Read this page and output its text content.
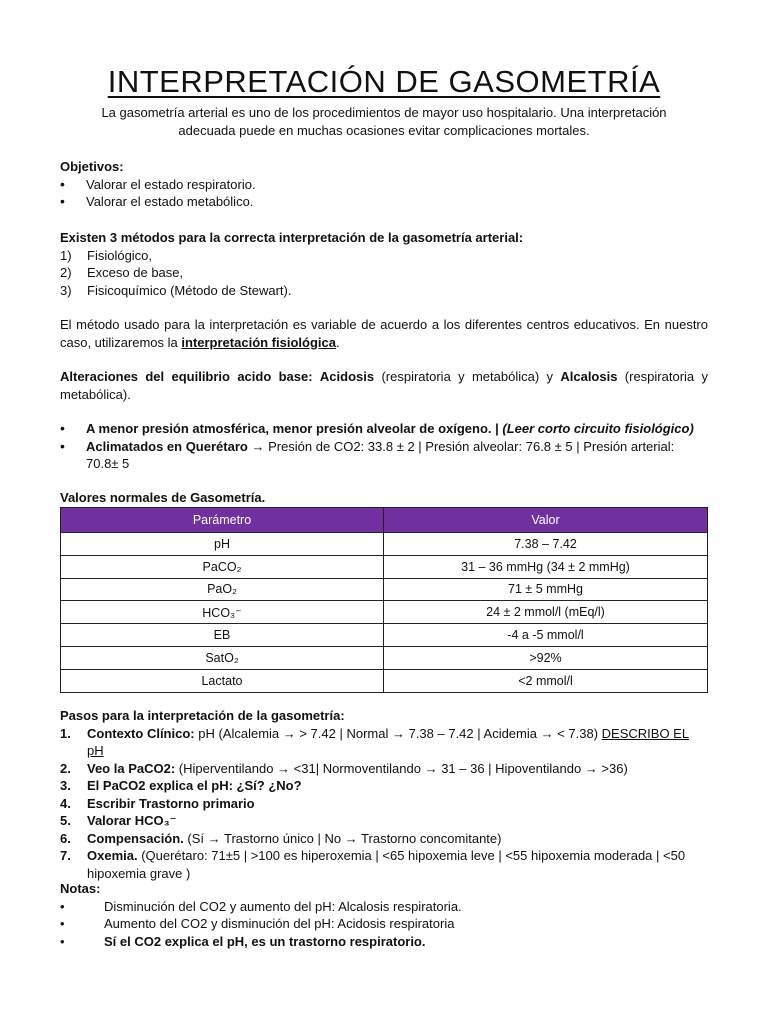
INTERPRETACIÓN DE GASOMETRÍA
La gasometría arterial es uno de los procedimientos de mayor uso hospitalario. Una interpretación adecuada puede en muchas ocasiones evitar complicaciones mortales.
Objetivos:
•	Valorar el estado respiratorio.
•	Valorar el estado metabólico.
Existen 3 métodos para la correcta interpretación de la gasometría arterial:
1)	Fisiológico,
2)	Exceso de base,
3)	Fisicoquímico (Método de Stewart).
El método usado para la interpretación es variable de acuerdo a los diferentes centros educativos. En nuestro caso, utilizaremos la interpretación fisiológica.
Alteraciones del equilibrio acido base: Acidosis (respiratoria y metabólica) y Alcalosis (respiratoria y metabólica).
•	A menor presión atmosférica, menor presión alveolar de oxígeno. | (Leer corto circuito fisiológico)
•	Aclimatados en Querétaro → Presión de CO2: 33.8 ± 2 | Presión alveolar: 76.8 ± 5 | Presión arterial: 70.8± 5
Valores normales de Gasometría.
Parámetro	Valor
pH	7.38 – 7.42
PaCO₂	31 – 36 mmHg (34 ± 2 mmHg)
PaO₂	71 ± 5 mmHg
HCO₃⁻	24 ± 2 mmol/l (mEq/l)
EB	-4 a -5 mmol/l
SatO₂	>92%
Lactato	<2 mmol/l
Pasos para la interpretación de la gasometría:
1.	Contexto Clínico: pH (Alcalemia → > 7.42 | Normal → 7.38 – 7.42 | Acidemia → < 7.38) DESCRIBO EL pH
2.	Veo la PaCO2: (Hiperventilando → <31| Normoventilando → 31 – 36 | Hipoventilando → >36)
3.	El PaCO2 explica el pH: ¿Sí? ¿No?
4.	Escribir Trastorno primario
5.	Valorar HCO₃⁻
6.	Compensación. (Sí → Trastorno único | No → Trastorno concomitante)
7.	Oxemia. (Querétaro: 71±5 | >100 es hiperoxemia | <65 hipoxemia leve | <55 hipoxemia moderada | <50 hipoxemia grave )
Notas:
•	Disminución del CO2 y aumento del pH: Alcalosis respiratoria.
•	Aumento del CO2 y disminución del pH: Acidosis respiratoria
•	Sí el CO2 explica el pH, es un trastorno respiratorio.
